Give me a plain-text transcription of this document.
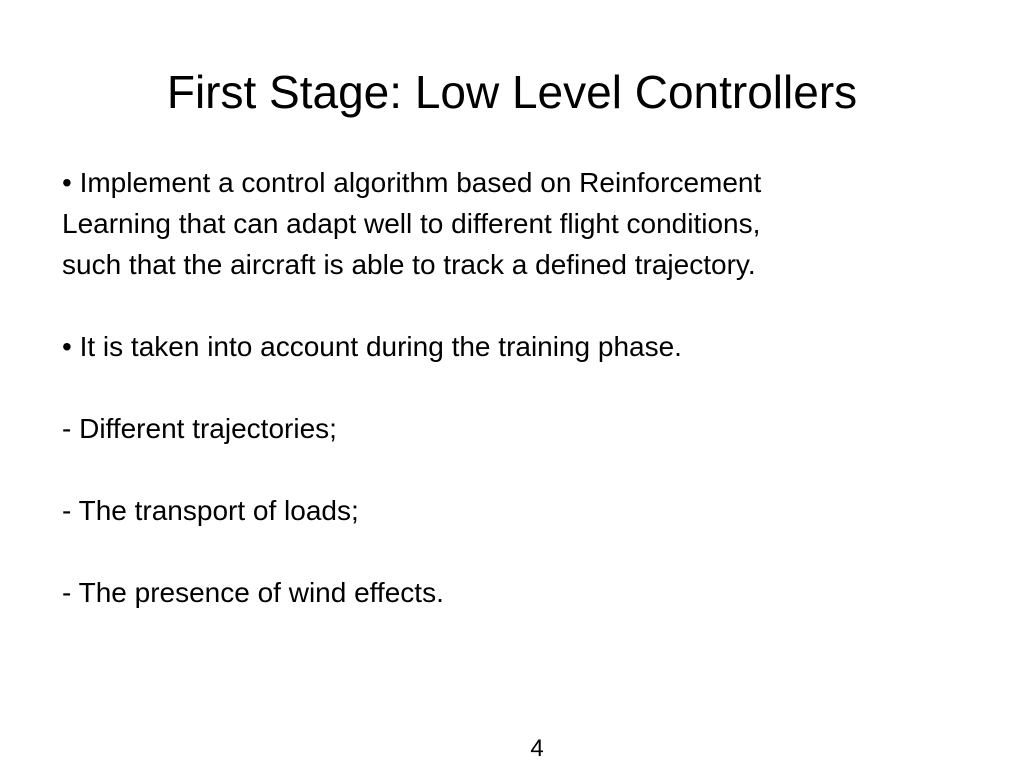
First Stage: Low Level Controllers

• Implement a control algorithm based on Reinforcement

Learning that can adapt well to different flight conditions,

such that the aircraft is able to track a defined trajectory.

• It is taken into account during the training phase.

- Different trajectories;

- The transport of loads;

- The presence of wind effects.

4
